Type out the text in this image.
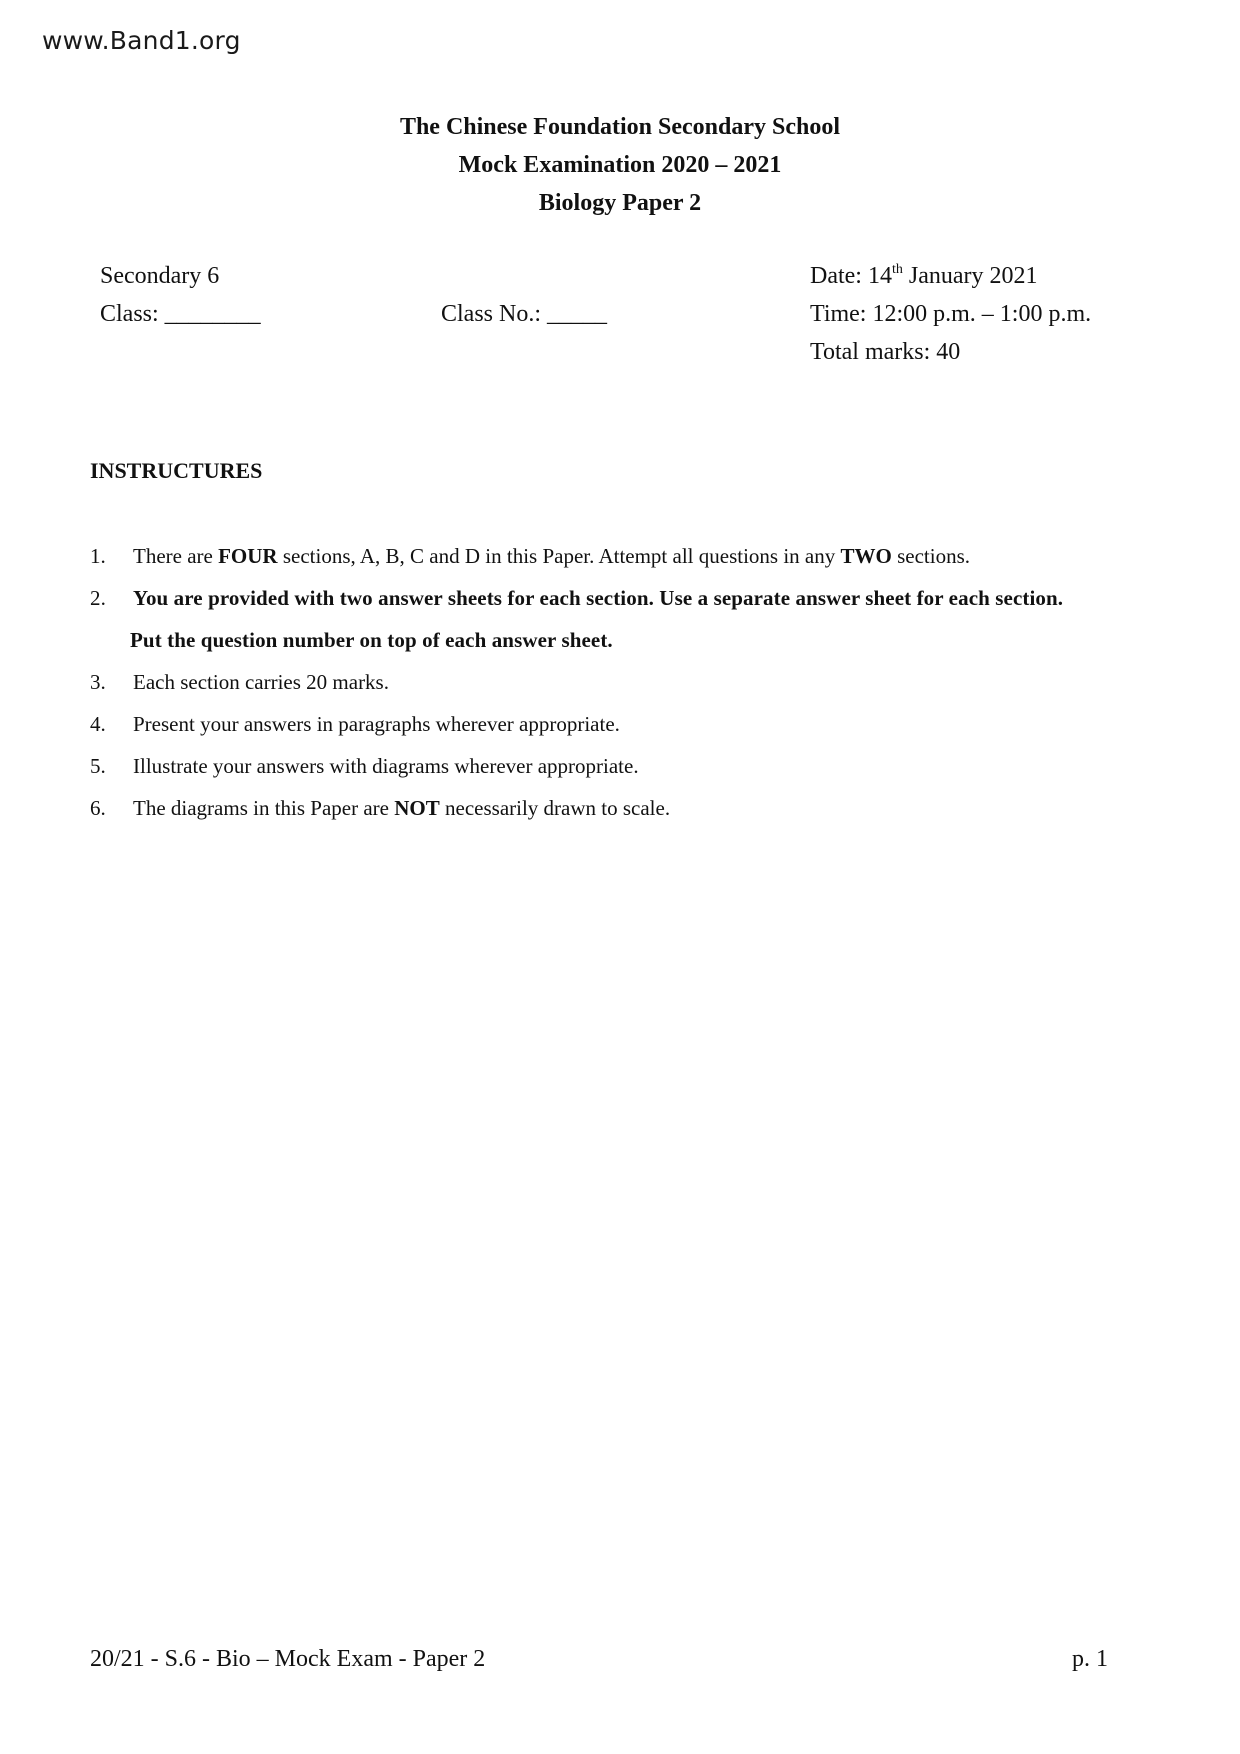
www.Band1.org
The Chinese Foundation Secondary School
Mock Examination 2020 – 2021
Biology Paper 2
Secondary 6
Class: ________	Class No.: _____
Date: 14th January 2021
Time: 12:00 p.m. – 1:00 p.m.
Total marks: 40
INSTRUCTURES
1. There are FOUR sections, A, B, C and D in this Paper. Attempt all questions in any TWO sections.
2. You are provided with two answer sheets for each section. Use a separate answer sheet for each section.
Put the question number on top of each answer sheet.
3. Each section carries 20 marks.
4. Present your answers in paragraphs wherever appropriate.
5. Illustrate your answers with diagrams wherever appropriate.
6. The diagrams in this Paper are NOT necessarily drawn to scale.
20/21 - S.6 - Bio – Mock Exam - Paper 2	p. 1
